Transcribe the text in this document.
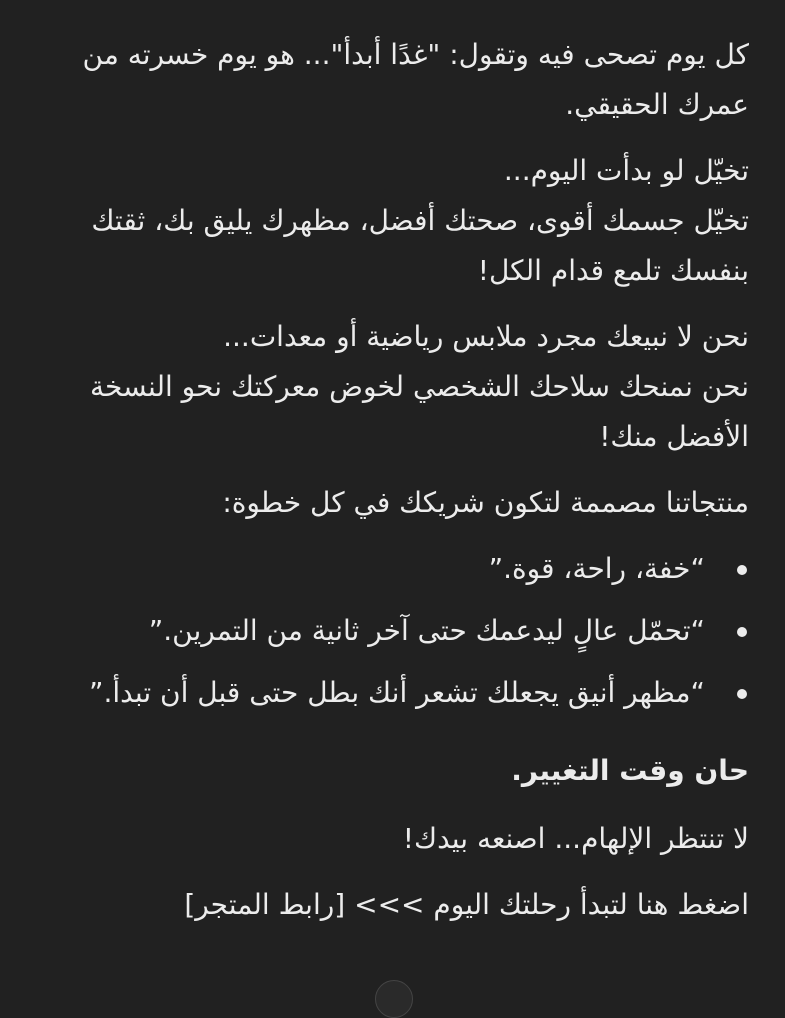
كل يوم تصحى فيه وتقول: "غدًا أبدأ"... هو يوم خسرته من عمرك الحقيقي.

تخيّل لو بدأت اليوم...

تخيّل جسمك أقوى، صحتك أفضل، مظهرك يليق بك، ثقتك بنفسك تلمع قدام الكل!

نحن لا نبيعك مجرد ملابس رياضية أو معدات...

نحن نمنحك سلاحك الشخصي لخوض معركتك نحو النسخة الأفضل منك!

منتجاتنا مصممة لتكون شريكك في كل خطوة:

“خفة، راحة، قوة.”
“تحمّل عالٍ ليدعمك حتى آخر ثانية من التمرين.”
“مظهر أنيق يجعلك تشعر أنك بطل حتى قبل أن تبدأ.”

حان وقت التغيير.

لا تنتظر الإلهام... اصنعه بيدك!

اضغط هنا لتبدأ رحلتك اليوم >>> [رابط المتجر]
